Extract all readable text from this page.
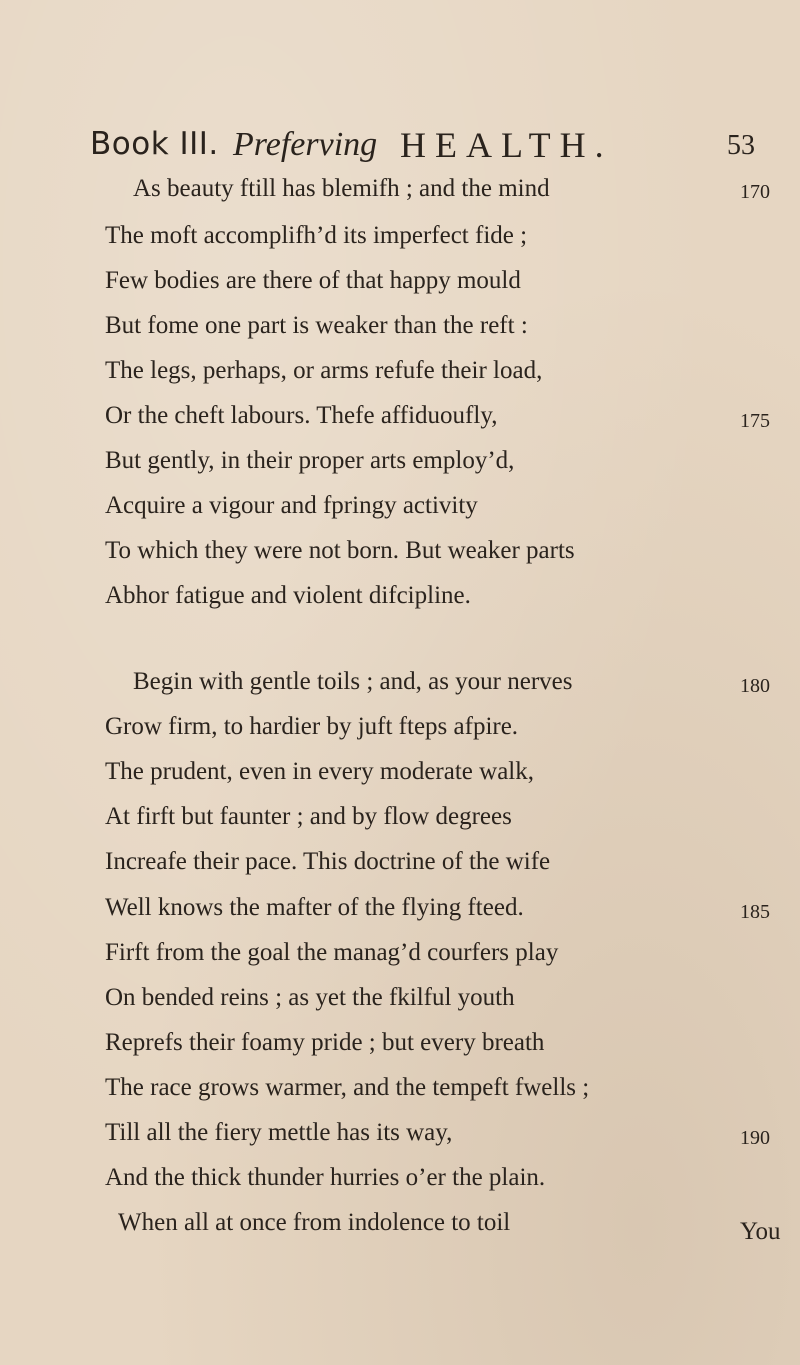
Book III. Preferving HEALTH.	53
As beauty ftill has blemifh ; and the mind
The moft accomplifh’d its imperfect fide ;
Few bodies are there of that happy mould
But fome one part is weaker than the reft :
The legs, perhaps, or arms refufe their load,
Or the cheft labours. Thefe affiduoufly,
But gently, in their proper arts employ’d,
Acquire a vigour and fpringy activity
To which they were not born. But weaker parts
Abhor fatigue and violent difcipline.
Begin with gentle toils ; and, as your nerves
Grow firm, to hardier by juft fteps afpire.
The prudent, even in every moderate walk,
At firft but faunter ; and by flow degrees
Increafe their pace. This doctrine of the wife
Well knows the mafter of the flying fteed.
Firft from the goal the manag’d courfers play
On bended reins ; as yet the fkilful youth
Reprefs their foamy pride ; but every breath
The race grows warmer, and the tempeft fwells ;
Till all the fiery mettle has its way,
And the thick thunder hurries o’er the plain.
When all at once from indolence to toil
170
175
180
185
190
You
